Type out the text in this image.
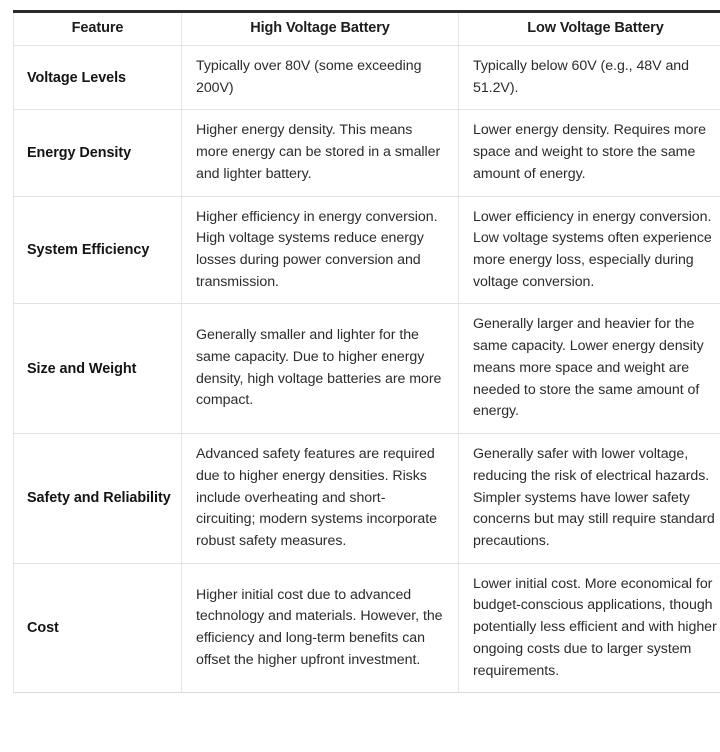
Feature	High Voltage Battery	Low Voltage Battery

Voltage Levels	Typically over 80V (some exceeding 200V)	Typically below 60V (e.g., 48V and 51.2V).

Energy Density	Higher energy density. This means more energy can be stored in a smaller and lighter battery.	Lower energy density. Requires more space and weight to store the same amount of energy.

System Efficiency	Higher efficiency in energy conversion. High voltage systems reduce energy losses during power conversion and transmission.	Lower efficiency in energy conversion. Low voltage systems often experience more energy loss, especially during voltage conversion.

Size and Weight	Generally smaller and lighter for the same capacity. Due to higher energy density, high voltage batteries are more compact.	Generally larger and heavier for the same capacity. Lower energy density means more space and weight are needed to store the same amount of energy.

Safety and Reliability	Advanced safety features are required due to higher energy densities. Risks include overheating and short-circuiting; modern systems incorporate robust safety measures.	Generally safer with lower voltage, reducing the risk of electrical hazards. Simpler systems have lower safety concerns but may still require standard precautions.

Cost	Higher initial cost due to advanced technology and materials. However, the efficiency and long-term benefits can offset the higher upfront investment.	Lower initial cost. More economical for budget-conscious applications, though potentially less efficient and with higher ongoing costs due to larger system requirements.
